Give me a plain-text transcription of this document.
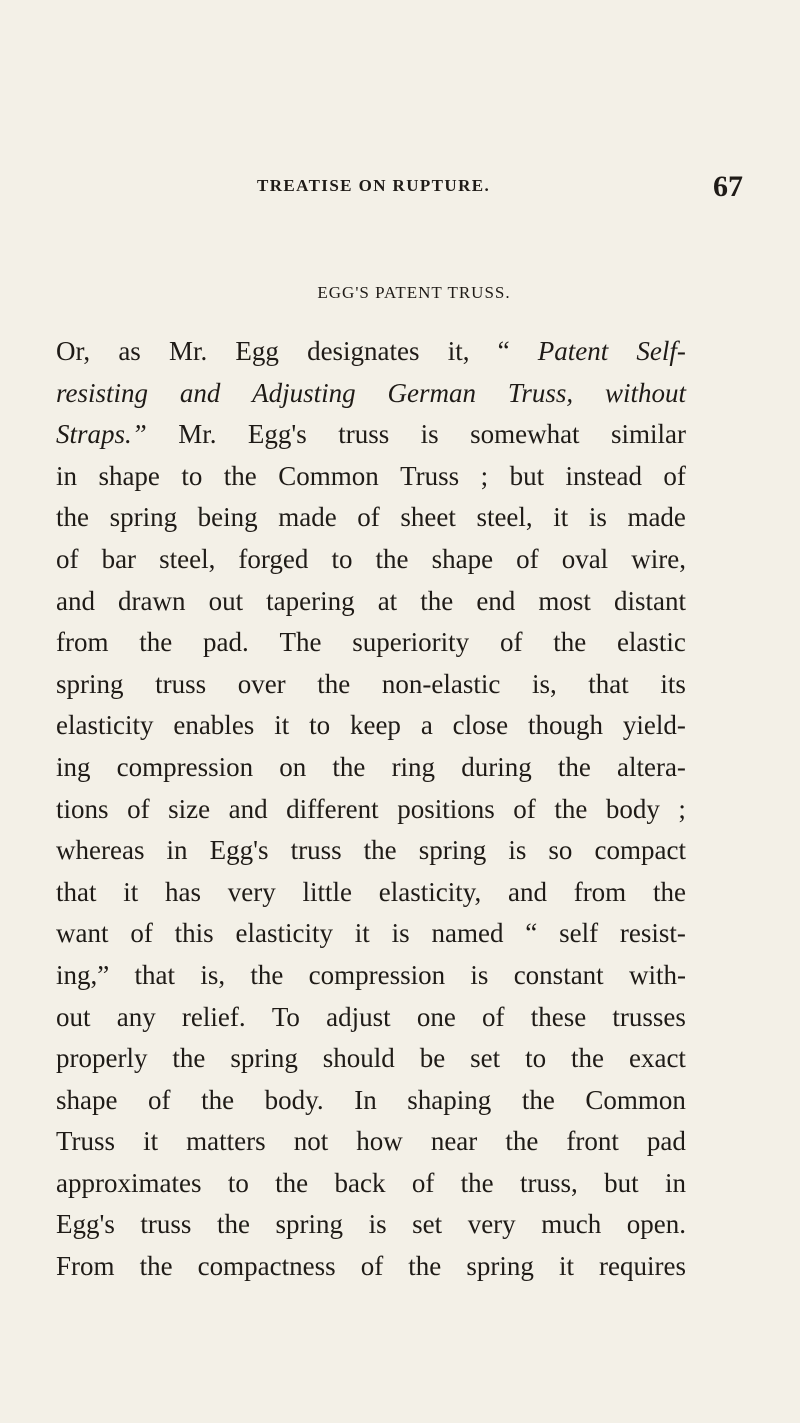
TREATISE ON RUPTURE.	67
EGG'S PATENT TRUSS.
Or, as Mr. Egg designates it, “ Patent Self-
resisting and Adjusting German Truss, without
Straps.” Mr. Egg's truss is somewhat similar
in shape to the Common Truss ; but instead of
the spring being made of sheet steel, it is made
of bar steel, forged to the shape of oval wire,
and drawn out tapering at the end most distant
from the pad. The superiority of the elastic
spring truss over the non-elastic is, that its
elasticity enables it to keep a close though yield-
ing compression on the ring during the altera-
tions of size and different positions of the body ;
whereas in Egg's truss the spring is so compact
that it has very little elasticity, and from the
want of this elasticity it is named “ self resist-
ing,” that is, the compression is constant with-
out any relief. To adjust one of these trusses
properly the spring should be set to the exact
shape of the body. In shaping the Common
Truss it matters not how near the front pad
approximates to the back of the truss, but in
Egg's truss the spring is set very much open.
From the compactness of the spring it requires
